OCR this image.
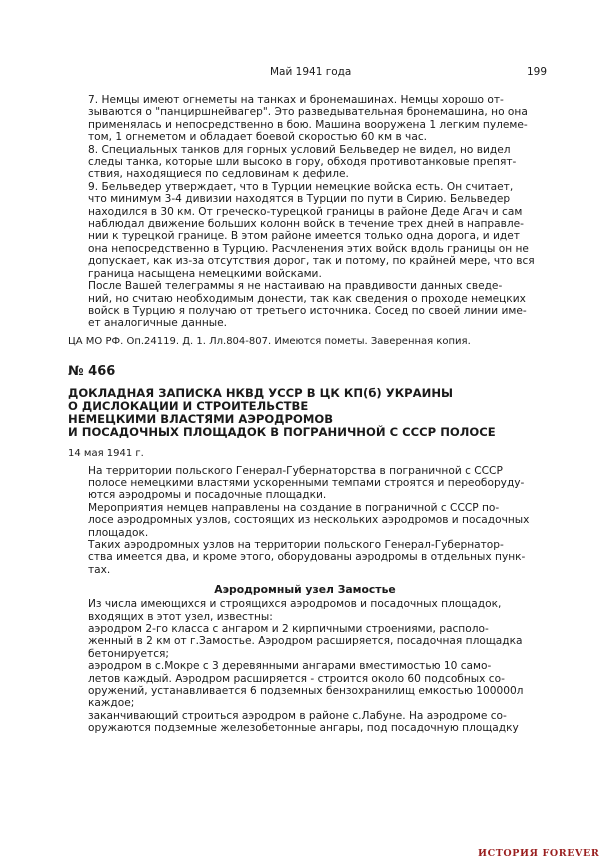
Май 1941 года	199

7. Немцы имеют огнеметы на танках и бронемашинах. Немцы хорошо от-
зываются о "панциршнейвагер". Это разведывательная бронемашина, но она
применялась и непосредственно в бою. Машина вооружена 1 легким пулеме-
том, 1 огнеметом и обладает боевой скоростью 60 км в час.

8. Специальных танков для горных условий Бельведер не видел, но видел
следы танка, которые шли высоко в гору, обходя противотанковые препят-
ствия, находящиеся по седловинам к дефиле.

9. Бельведер утверждает, что в Турции немецкие войска есть. Он считает,
что минимум 3-4 дивизии находятся в Турции по пути в Сирию. Бельведер
находился в 30 км. От греческо-турецкой границы в районе Деде Агач и сам
наблюдал движение больших колонн войск в течение трех дней в направле-
нии к турецкой границе. В этом районе имеется только одна дорога, и идет
она непосредственно в Турцию. Расчленения этих войск вдоль границы он не
допускает, как из-за отсутствия дорог, так и потому, по крайней мере, что вся
граница насыщена немецкими войсками.

После Вашей телеграммы я не настаиваю на правдивости данных сведе-
ний, но считаю необходимым донести, так как сведения о проходе немецких
войск в Турцию я получаю от третьего источника. Сосед по своей линии име-
ет аналогичные данные.

ЦА МО РФ. Оп.24119. Д. 1. Лл.804-807. Имеются пометы. Заверенная копия.

№ 466

ДОКЛАДНАЯ ЗАПИСКА НКВД УССР В ЦК КП(б) УКРАИНЫ

О ДИСЛОКАЦИИ И СТРОИТЕЛЬСТВЕ

НЕМЕЦКИМИ ВЛАСТЯМИ АЭРОДРОМОВ

И ПОСАДОЧНЫХ ПЛОЩАДОК В ПОГРАНИЧНОЙ С СССР ПОЛОСЕ

14 мая 1941 г.

На территории польского Генерал-Губернаторства в пограничной с СССР
полосе немецкими властями ускоренными темпами строятся и переоборуду-
ются аэродромы и посадочные площадки.

Мероприятия немцев направлены на создание в пограничной с СССР по-
лосе аэродромных узлов, состоящих из нескольких аэродромов и посадочных
площадок.

Таких аэродромных узлов на территории польского Генерал-Губернатор-
ства имеется два, и кроме этого, оборудованы аэродромы в отдельных пунк-
тах.

Аэродромный узел Замостье

Из числа имеющихся и строящихся аэродромов и посадочных площадок,
входящих в этот узел, известны:

аэродром 2-го класса с ангаром и 2 кирпичными строениями, располо-
женный в 2 км от г.Замостье. Аэродром расширяется, посадочная площадка
бетонируется;

аэродром в с.Мокре с 3 деревянными ангарами вместимостью 10 само-
летов каждый. Аэродром расширяется - строится около 60 подсобных со-
оружений, устанавливается 6 подземных бензохранилищ емкостью 100000л
каждое;

заканчивающий строиться аэродром в районе с.Лабуне. На аэродроме со-
оружаются подземные железобетонные ангары, под посадочную площадку

ИСТОРИЯ FOREVER
